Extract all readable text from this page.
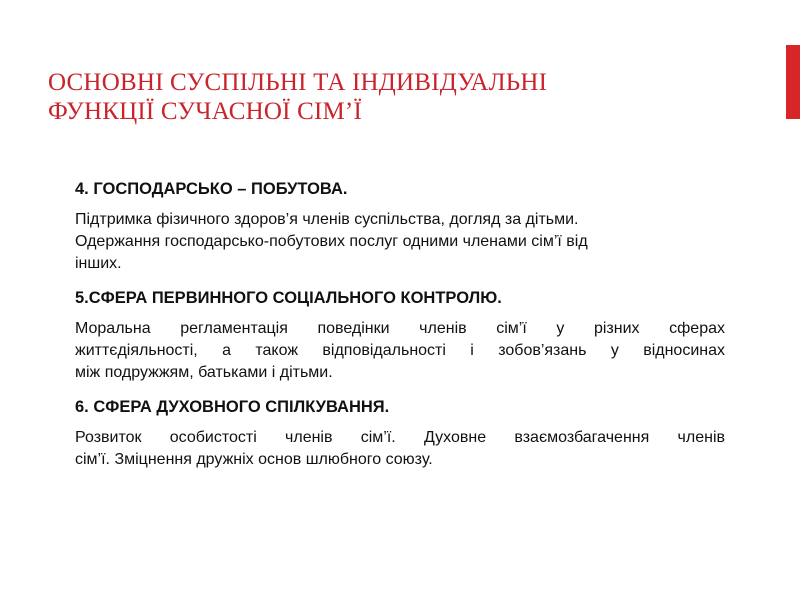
ОСНОВНІ СУСПІЛЬНІ ТА ІНДИВІДУАЛЬНІ
ФУНКЦІЇ СУЧАСНОЇ СІМ’Ї
4. ГОСПОДАРСЬКО – ПОБУТОВА.
Підтримка фізичного здоров’я членів суспільства, догляд за дітьми.
Одержання господарсько-побутових послуг одними членами сім’ї від
інших.
5.СФЕРА ПЕРВИННОГО СОЦІАЛЬНОГО КОНТРОЛЮ.
Моральна регламентація поведінки членів сім’ї у різних сферах
життєдіяльності, а також відповідальності і зобов’язань у відносинах
між подружжям, батьками і дітьми.
6. СФЕРА ДУХОВНОГО СПІЛКУВАННЯ.
Розвиток особистості членів сім’ї. Духовне взаємозбагачення членів
сім’ї. Зміцнення дружніх основ шлюбного союзу.
